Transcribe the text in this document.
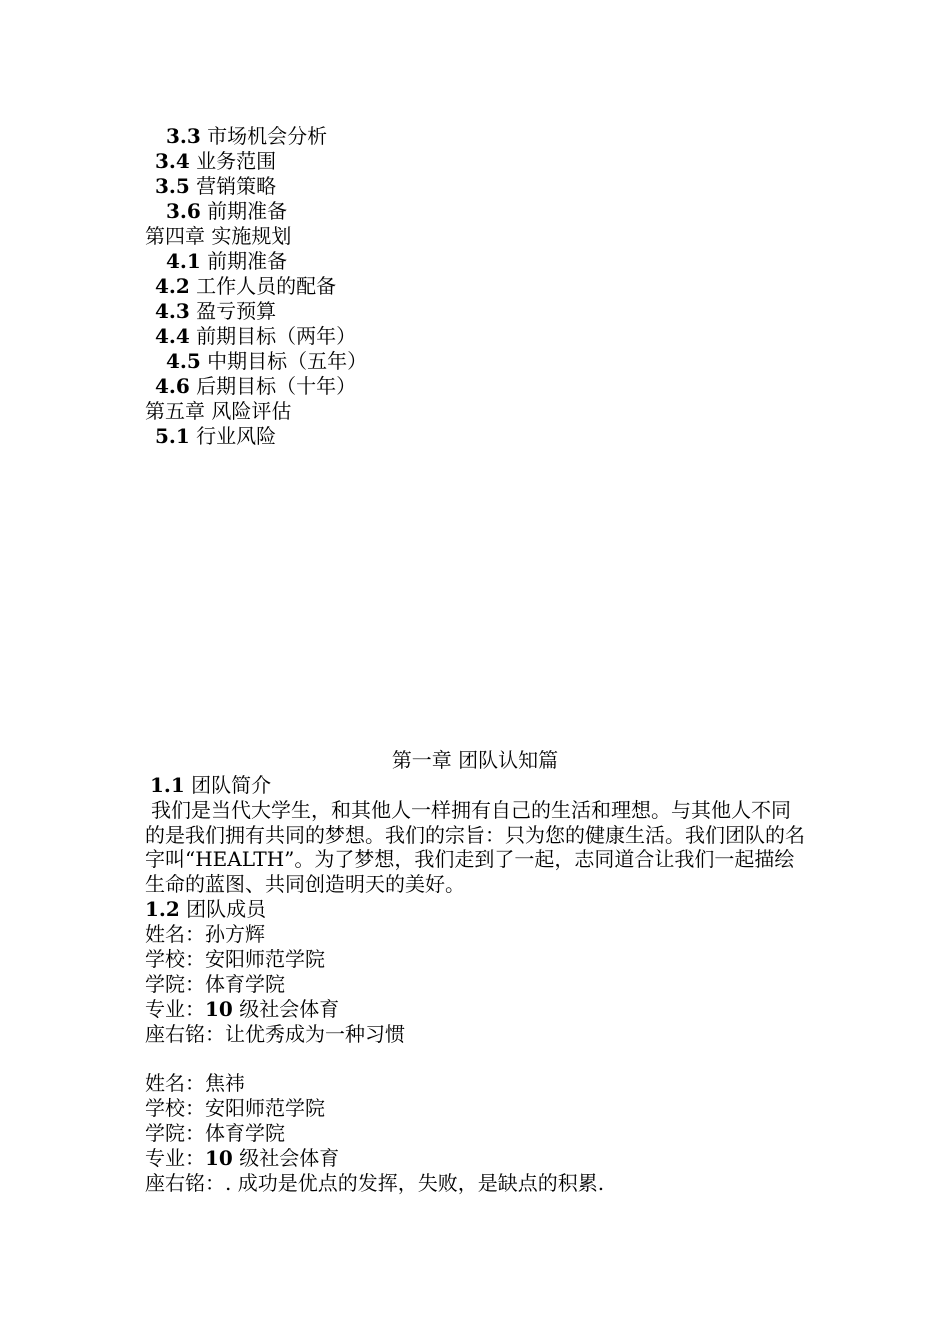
3.3 市场机会分析
3.4 业务范围
3.5 营销策略
3.6 前期准备
第四章 实施规划
4.1 前期准备
4.2 工作人员的配备
4.3 盈亏预算
4.4 前期目标（两年）
4.5 中期目标（五年）
4.6 后期目标（十年）
第五章 风险评估
5.1 行业风险
第一章 团队认知篇
1.1 团队简介
我们是当代大学生，和其他人一样拥有自己的生活和理想。与其他人不同的是我们拥有共同的梦想。我们的宗旨：只为您的健康生活。我们团队的名字叫“HEALTH”。为了梦想，我们走到了一起，志同道合让我们一起描绘生命的蓝图、共同创造明天的美好。
1.2 团队成员
姓名：孙方辉
学校：安阳师范学院
学院：体育学院
专业：10 级社会体育
座右铭：让优秀成为一种习惯
姓名：焦祎
学校：安阳师范学院
学院：体育学院
专业：10 级社会体育
座右铭：. 成功是优点的发挥，失败，是缺点的积累.
